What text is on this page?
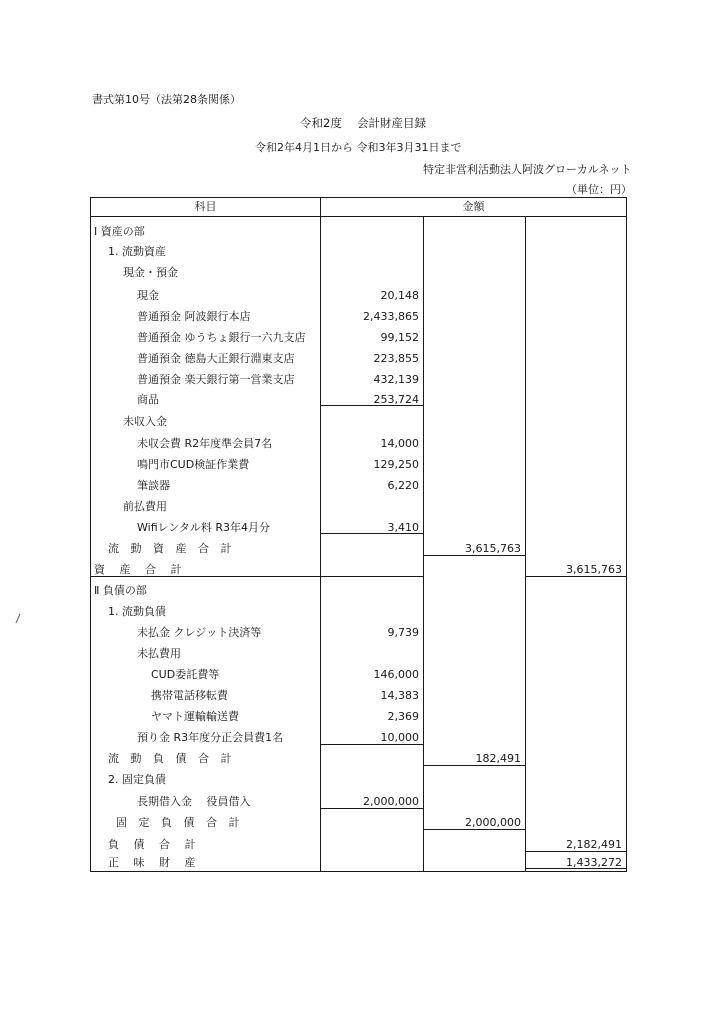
書式第10号（法第28条関係）
令和2度　 会計財産目録
令和2年4月1日から 令和3年3月31日まで
特定非営利活動法人阿波グローカルネット
（単位：円）
科目	金額
Ⅰ 資産の部
1. 流動資産
現金・預金
現金	20,148
普通預金 阿波銀行本店	2,433,865
普通預金 ゆうちょ銀行一六九支店	99,152
普通預金 徳島大正銀行淵東支店	223,855
普通預金 楽天銀行第一営業支店	432,139
商品	253,724
未収入金
未収会費 R2年度準会員7名	14,000
鳴門市CUD検証作業費	129,250
筆談器	6,220
前払費用
Wifiレンタル料 R3年4月分	3,410
流 動 資 産 合 計	3,615,763
資　 産　 合　 計	3,615,763
Ⅱ 負債の部
1. 流動負債
未払金 クレジット決済等	9,739
未払費用
CUD委託費等	146,000
携帯電話移転費	14,383
ヤマト運輸輸送費	2,369
預り金 R3年度分正会員費1名	10,000
流 動 負 債 合 計	182,491
2. 固定負債
長期借入金　 役員借入	2,000,000
固 定 負 債 合 計	2,000,000
負　 債　 合　 計	2,182,491
正　 味　 財　 産	1,433,272
